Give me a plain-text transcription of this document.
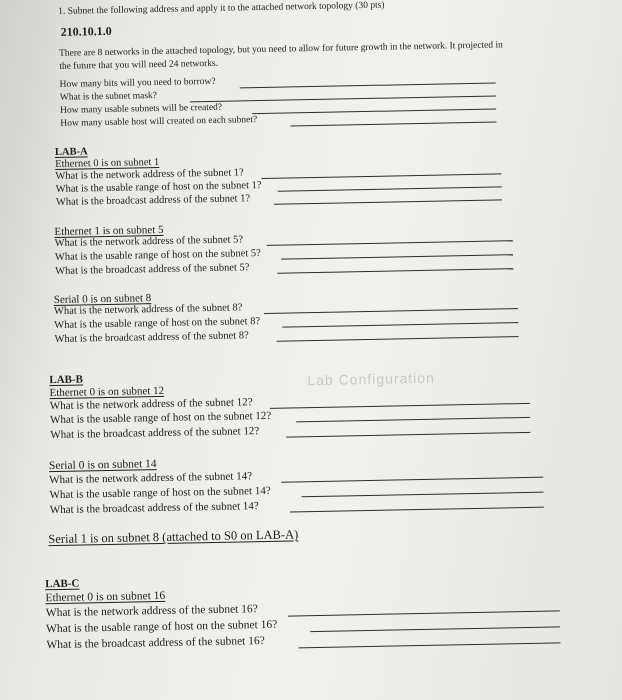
Lab Configuration
1. Subnet the following address and apply it to the attached network topology (30 pts)
210.10.1.0
There are 8 networks in the attached topology, but you need to allow for future growth in the network. It projected in
the future that you will need 24 networks.
How many bits will you need to borrow?
What is the subnet mask?
How many usable subnets will be created?
How many usable host will created on each subnet?
LAB-A
Ethernet 0 is on subnet 1
What is the network address of the subnet 1?
What is the usable range of host on the subnet 1?
What is the broadcast address of the subnet 1?
Ethernet 1 is on subnet 5
What is the network address of the subnet 5?
What is the usable range of host on the subnet 5?
What is the broadcast address of the subnet 5?
Serial 0 is on subnet 8
What is the network address of the subnet 8?
What is the usable range of host on the subnet 8?
What is the broadcast address of the subnet 8?
LAB-B
Ethernet 0 is on subnet 12
What is the network address of the subnet 12?
What is the usable range of host on the subnet 12?
What is the broadcast address of the subnet 12?
Serial 0 is on subnet 14
What is the network address of the subnet 14?
What is the usable range of host on the subnet 14?
What is the broadcast address of the subnet 14?
Serial 1 is on subnet 8 (attached to S0 on LAB-A)
LAB-C
Ethernet 0 is on subnet 16
What is the network address of the subnet 16?
What is the usable range of host on the subnet 16?
What is the broadcast address of the subnet 16?
